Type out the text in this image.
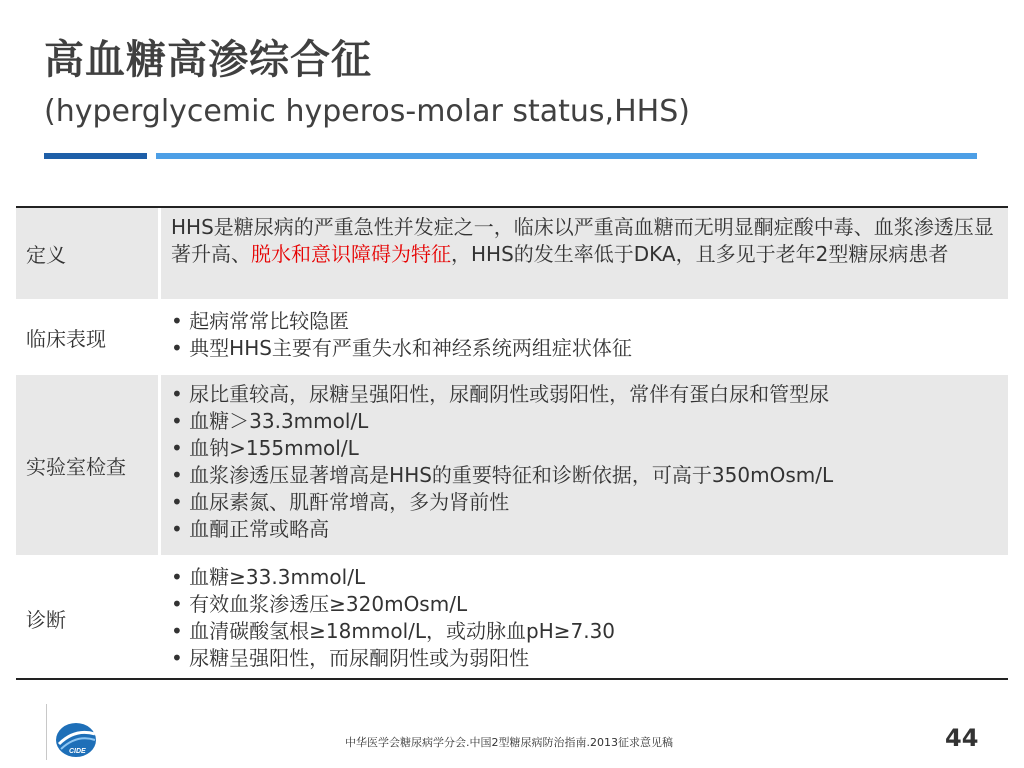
高血糖高渗综合征
(hyperglycemic hyperos-molar status,HHS)
定义
HHS是糖尿病的严重急性并发症之一，临床以严重高血糖而无明显酮症酸中毒、血浆渗透压显著升高、脱水和意识障碍为特征，HHS的发生率低于DKA，且多见于老年2型糖尿病患者
临床表现
• 起病常常比较隐匿
• 典型HHS主要有严重失水和神经系统两组症状体征
实验室检查
• 尿比重较高，尿糖呈强阳性，尿酮阴性或弱阳性，常伴有蛋白尿和管型尿
• 血糖＞33.3mmol/L
• 血钠>155mmol/L
• 血浆渗透压显著增高是HHS的重要特征和诊断依据，可高于350mOsm/L
• 血尿素氮、肌酐常增高，多为肾前性
• 血酮正常或略高
诊断
• 血糖≥33.3mmol/L
• 有效血浆渗透压≥320mOsm/L
• 血清碳酸氢根≥18mmol/L，或动脉血pH≥7.30
• 尿糖呈强阳性，而尿酮阴性或为弱阳性
CIDE
中华医学会糖尿病学分会.中国2型糖尿病防治指南.2013征求意见稿	44
